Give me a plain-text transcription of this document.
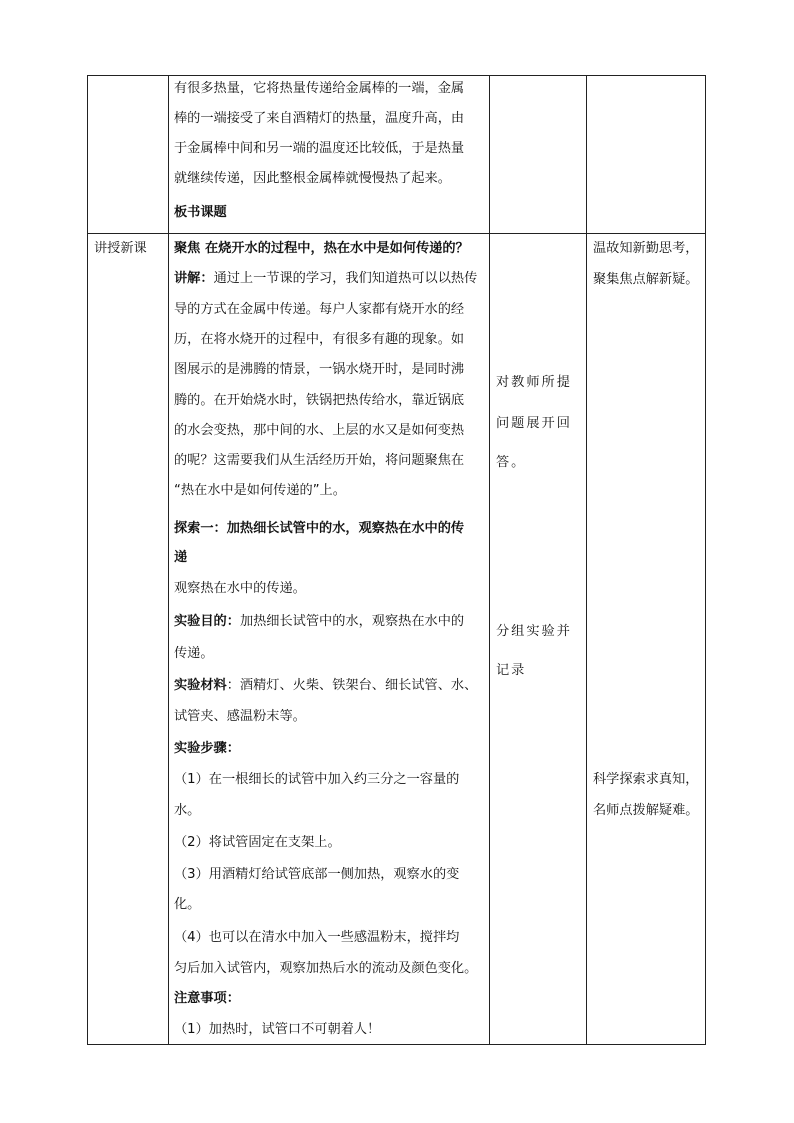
有很多热量，它将热量传递给金属棒的一端，金属
棒的一端接受了来自酒精灯的热量，温度升高，由
于金属棒中间和另一端的温度还比较低，于是热量
就继续传递，因此整根金属棒就慢慢热了起来。
板书课题
讲授新课 聚焦 在烧开水的过程中，热在水中是如何传递的？
讲解：通过上一节课的学习，我们知道热可以以热传
导的方式在金属中传递。每户人家都有烧开水的经
历，在将水烧开的过程中，有很多有趣的现象。如
图展示的是沸腾的情景，一锅水烧开时，是同时沸
腾的。在开始烧水时，铁锅把热传给水，靠近锅底
的水会变热，那中间的水、上层的水又是如何变热
的呢？这需要我们从生活经历开始，将问题聚焦在
“热在水中是如何传递的”上。
探索一：加热细长试管中的水，观察热在水中的传
递
观察热在水中的传递。
实验目的：加热细长试管中的水，观察热在水中的
传递。
实验材料：酒精灯、火柴、铁架台、细长试管、水、
试管夹、感温粉末等。
实验步骤：
（1）在一根细长的试管中加入约三分之一容量的
水。
（2）将试管固定在支架上。
（3）用酒精灯给试管底部一侧加热，观察水的变
化。
（4）也可以在清水中加入一些感温粉末，搅拌均
匀后加入试管内，观察加热后水的流动及颜色变化。
注意事项：
（1）加热时，试管口不可朝着人！
对教师所提
问题展开回
答。
分组实验并
记录
温故知新勤思考，
聚集焦点解新疑。
科学探索求真知，
名师点拨解疑难。
